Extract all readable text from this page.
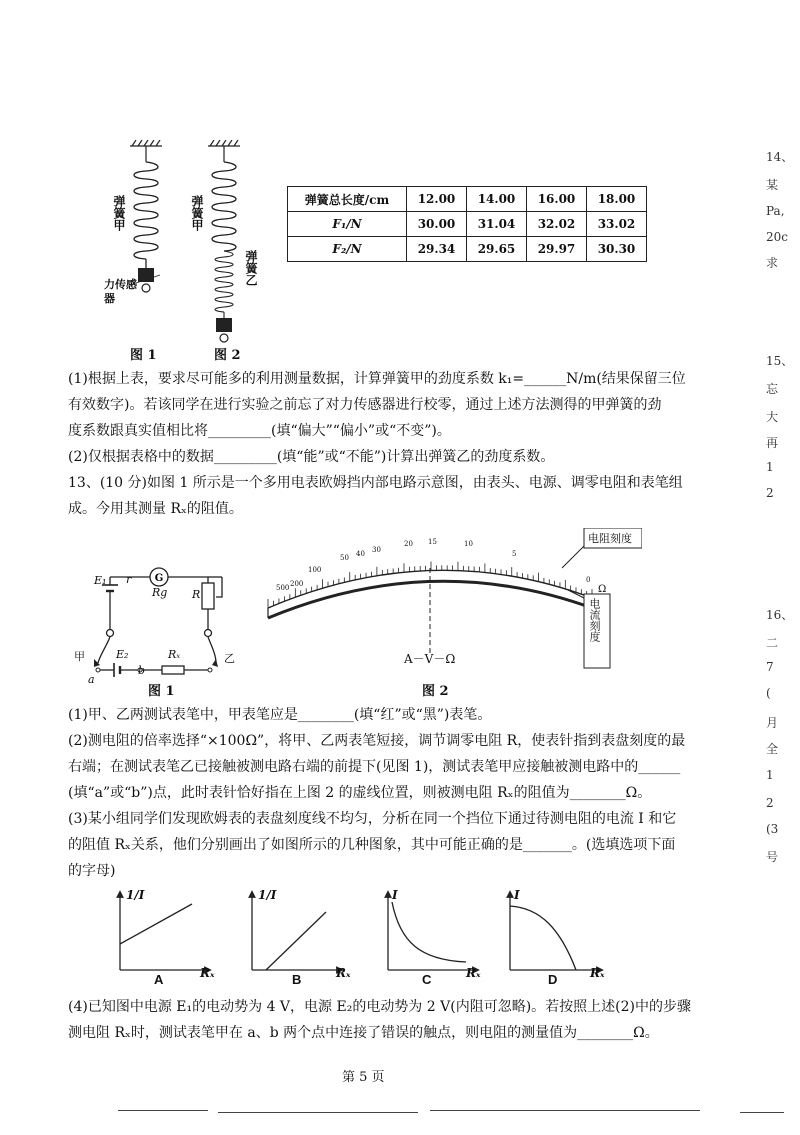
弹簧甲	弹簧甲
弹簧乙
力传感器
图 1	图 2
弹簧总长度/cm	12.00	14.00	16.00	18.00
F₁/N	30.00	31.04	32.02	33.02
F₂/N	29.34	29.65	29.97	30.30
(1)根据上表，要求尽可能多的利用测量数据，计算弹簧甲的劲度系数 k₁=______N/m(结果保留三位
有效数字)。若该同学在进行实验之前忘了对力传感器进行校零，通过上述方法测得的甲弹簧的劲
度系数跟真实值相比将_________(填“偏大”“偏小”或“不变”)。
(2)仅根据表格中的数据_________(填“能”或“不能”)计算出弹簧乙的劲度系数。
13、(10 分)如图 1 所示是一个多用电表欧姆挡内部电路示意图，由表头、电源、调零电阻和表笔组
成。今用其测量 Rₓ的阻值。
G
E₁ r
Rg R
甲	乙
E₂	Rₓ
a
b
图 1
500 200
100
50 40 30
20 15	10
5
0
Ω
电阻刻度
电流刻度
A－V－Ω
图 2
(1)甲、乙两测试表笔中，甲表笔应是________(填“红”或“黑”)表笔。
(2)测电阻的倍率选择“×100Ω”，将甲、乙两表笔短接，调节调零电阻 R，使表针指到表盘刻度的最
右端；在测试表笔乙已接触被测电路右端的前提下(见图 1)，测试表笔甲应接触被测电路中的______
(填“a”或“b”)点，此时表针恰好指在上图 2 的虚线位置，则被测电阻 Rₓ的阻值为________Ω。
(3)某小组同学们发现欧姆表的表盘刻度线不均匀，分析在同一个挡位下通过待测电阻的电流 I 和它
的阻值 Rₓ关系，他们分别画出了如图所示的几种图象，其中可能正确的是_______。(选填选项下面
的字母)
1/I	1/I	I	I
Rₓ	Rₓ	Rₓ	Rₓ
A	B	C	D
(4)已知图中电源 E₁的电动势为 4 V，电源 E₂的电动势为 2 V(内阻可忽略)。若按照上述(2)中的步骤
测电阻 Rₓ时，测试表笔甲在 a、b 两个点中连接了错误的触点，则电阻的测量值为________Ω。
第 5 页
14、
某
Pa,
20c
求
15、
忘
大
再
1
2
16、
二
7
(
月
全
1
2
(3
号
